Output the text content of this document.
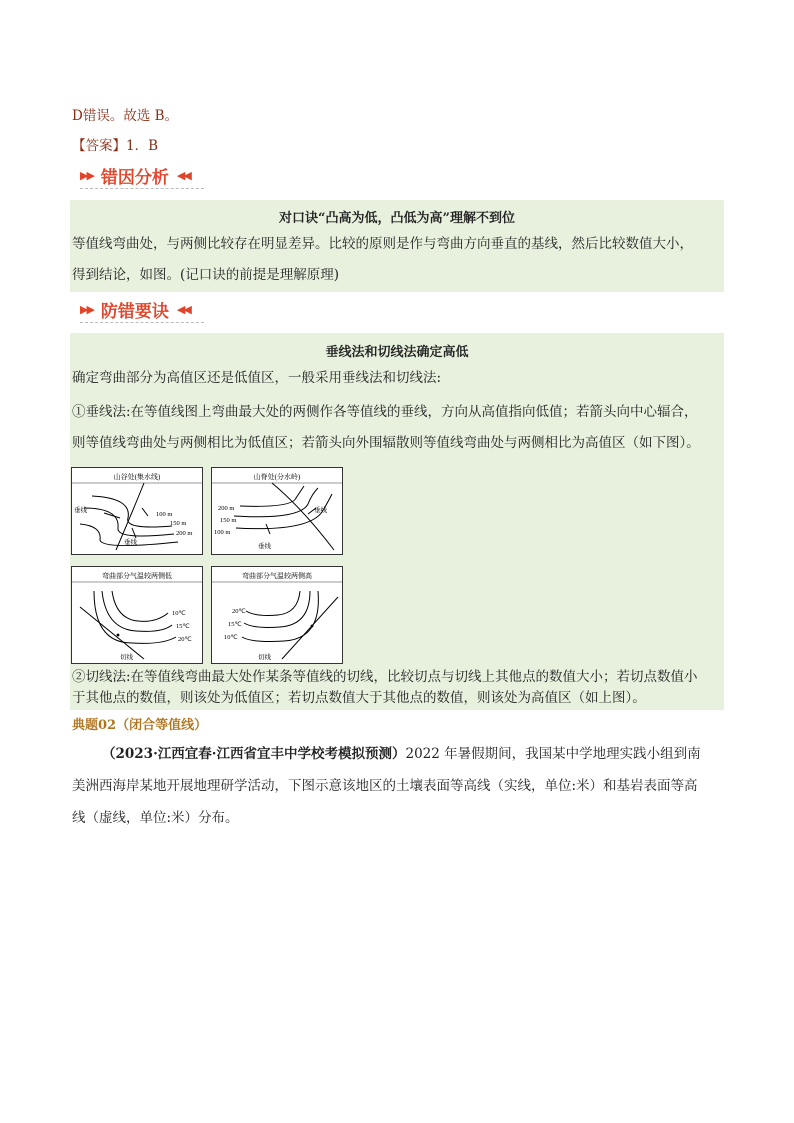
D错误。故选 B。
【答案】1．B
▶▶ 错因分析 ◀◀
对口诀“凸高为低，凸低为高”理解不到位
等值线弯曲处，与两侧比较存在明显差异。比较的原则是作与弯曲方向垂直的基线，然后比较数值大小，
得到结论，如图。(记口诀的前提是理解原理)
▶▶ 防错要诀 ◀◀
垂线法和切线法确定高低
确定弯曲部分为高值区还是低值区，一般采用垂线法和切线法:
①垂线法:在等值线图上弯曲最大处的两侧作各等值线的垂线，方向从高值指向低值；若箭头向中心辐合，
则等值线弯曲处与两侧相比为低值区；若箭头向外围辐散则等值线弯曲处与两侧相比为高值区（如下图）。
山谷处(集水线)
100 m
150 m
200 m
垂线
垂线
山脊处(分水岭)
200 m
150 m
100 m
垂线
垂线
弯曲部分气温较两侧低
10℃
15℃
20℃
切线
弯曲部分气温较两侧高
20℃
15℃
10℃
切线
②切线法:在等值线弯曲最大处作某条等值线的切线，比较切点与切线上其他点的数值大小；若切点数值小
于其他点的数值，则该处为低值区；若切点数值大于其他点的数值，则该处为高值区（如上图）。
典题02（闭合等值线）
（2023·江西宜春·江西省宜丰中学校考模拟预测）2022 年暑假期间，我国某中学地理实践小组到南
美洲西海岸某地开展地理研学活动，下图示意该地区的土壤表面等高线（实线，单位:米）和基岩表面等高
线（虚线，单位:米）分布。
